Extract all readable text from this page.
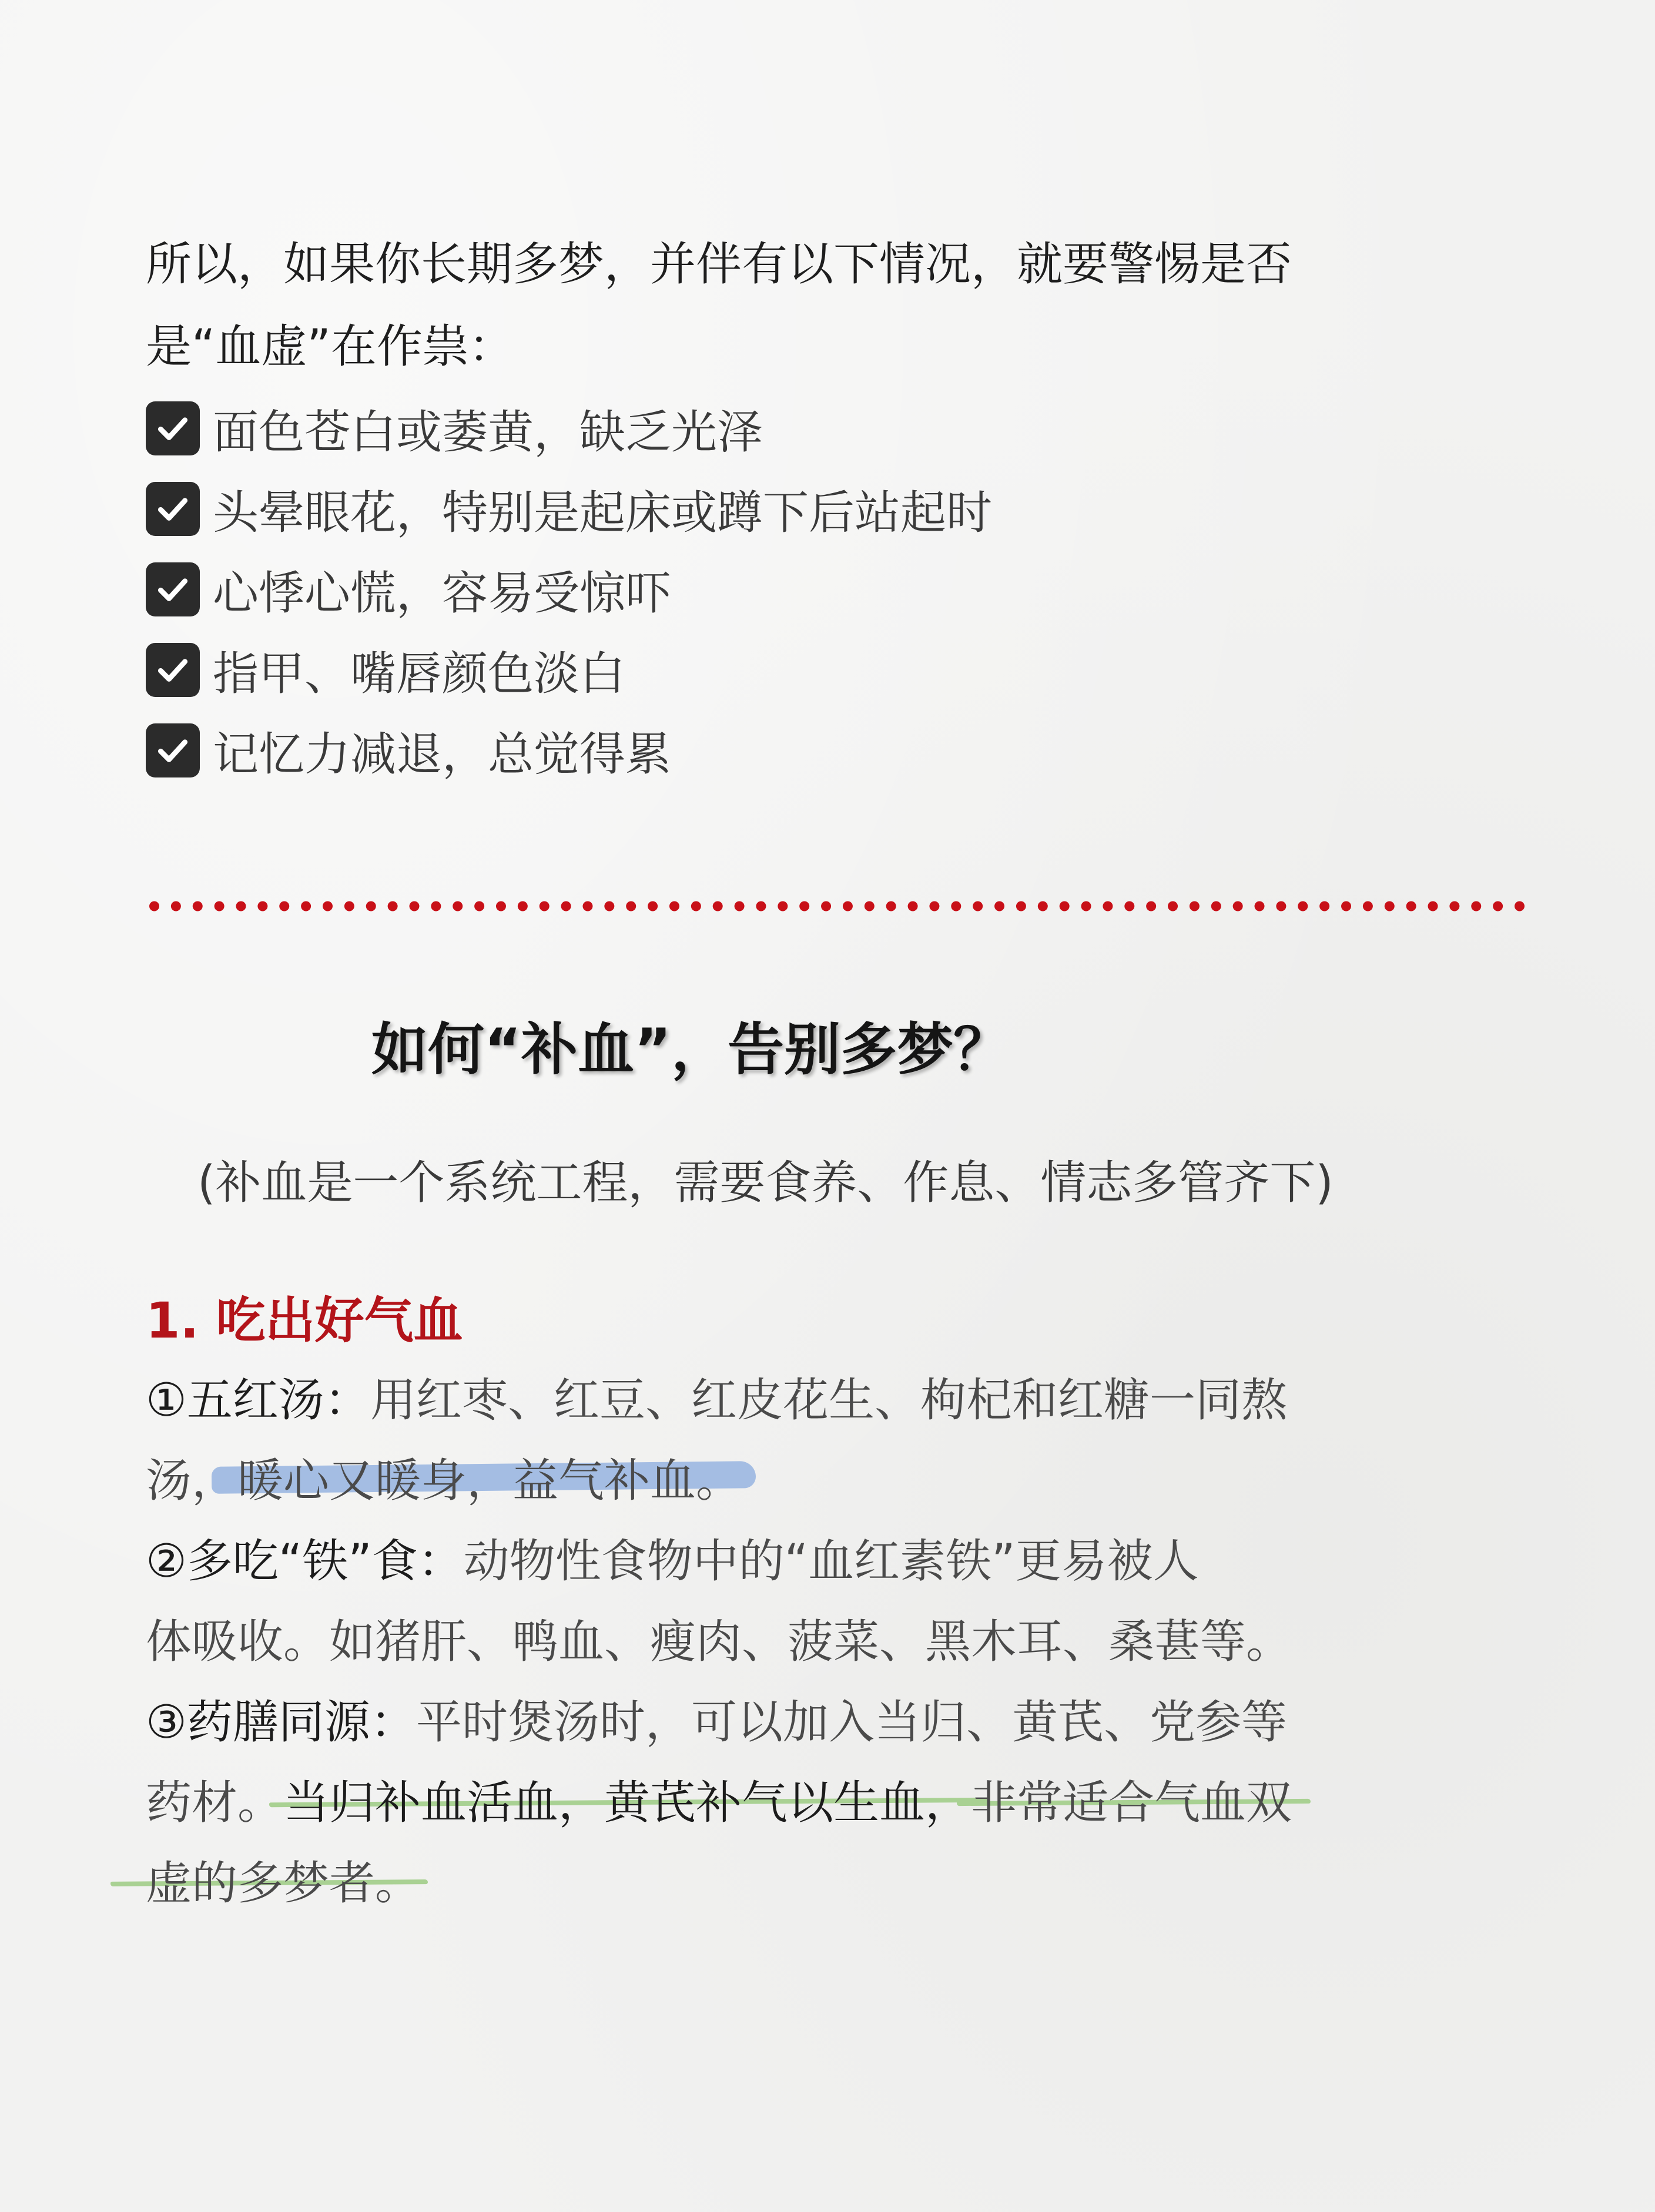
所以，如果你长期多梦，并伴有以下情况，就要警惕是否
是“血虚”在作祟：

面色苍白或萎黄，缺乏光泽
头晕眼花，特别是起床或蹲下后站起时
心悸心慌，容易受惊吓
指甲、嘴唇颜色淡白
记忆力减退，总觉得累
如何“补血”，告别多梦？

(补血是一个系统工程，需要食养、作息、情志多管齐下)

1. 吃出好气血
①五红汤：用红枣、红豆、红皮花生、枸杞和红糖一同熬
汤，暖心又暖身，益气补血。
②多吃“铁”食：动物性食物中的“血红素铁”更易被人
体吸收。如猪肝、鸭血、瘦肉、菠菜、黑木耳、桑葚等。
③药膳同源：平时煲汤时，可以加入当归、黄芪、党参等
药材。当归补血活血，黄芪补气以生血，非常适合气血双
虚的多梦者。
